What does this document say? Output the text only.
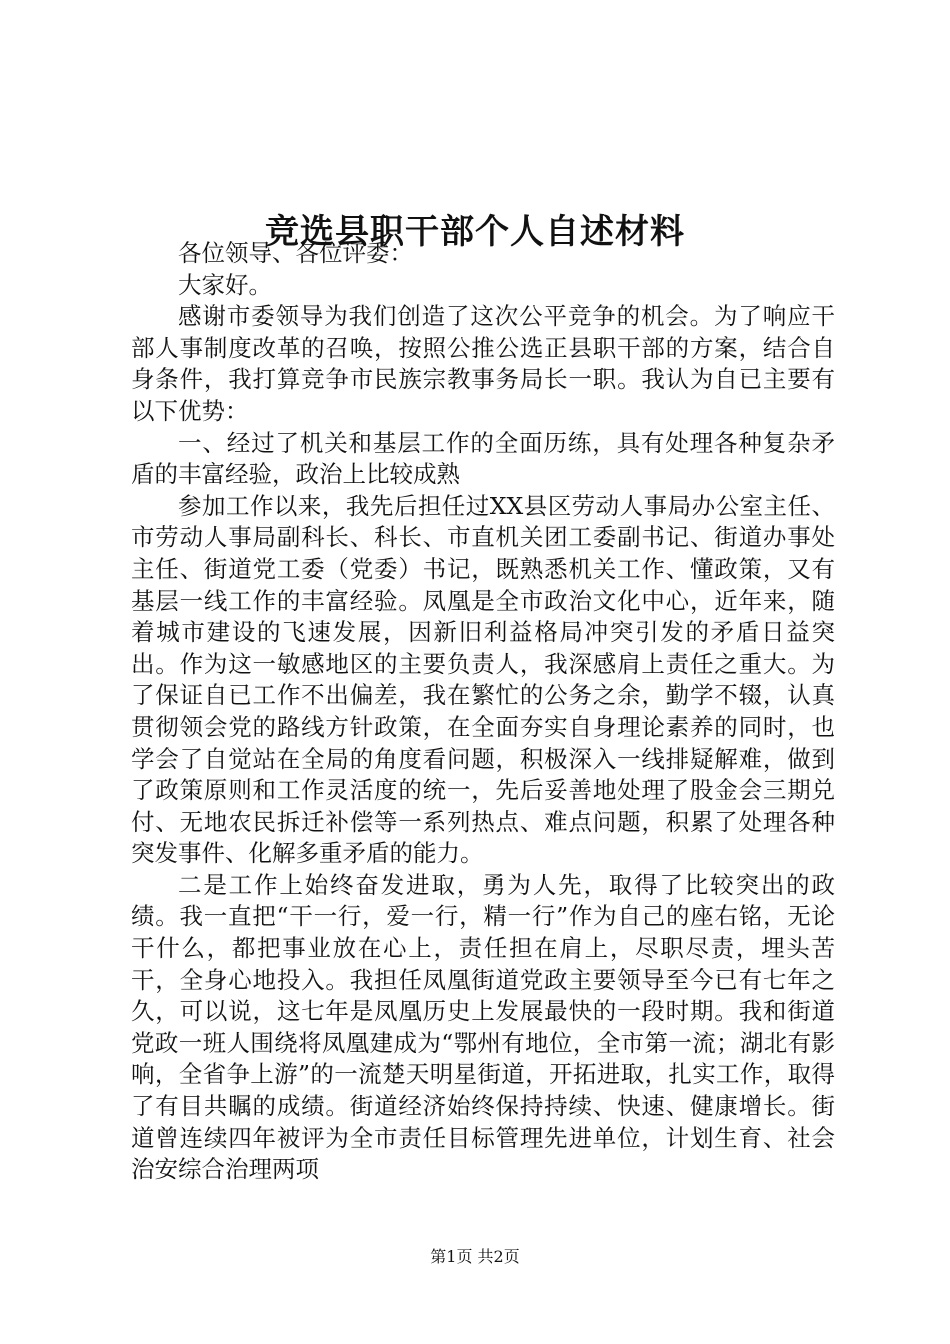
竞选县职干部个人自述材料

各位领导、各位评委：

大家好。

感谢市委领导为我们创造了这次公平竞争的机会。为了响应干部人事制度改革的召唤，按照公推公选正县职干部的方案，结合自身条件，我打算竞争市民族宗教事务局长一职。我认为自已主要有以下优势：

一、经过了机关和基层工作的全面历练，具有处理各种复杂矛盾的丰富经验，政治上比较成熟

参加工作以来，我先后担任过XX县区劳动人事局办公室主任、市劳动人事局副科长、科长、市直机关团工委副书记、街道办事处主任、街道党工委（党委）书记，既熟悉机关工作、懂政策，又有基层一线工作的丰富经验。凤凰是全市政治文化中心，近年来，随着城市建设的飞速发展，因新旧利益格局冲突引发的矛盾日益突出。作为这一敏感地区的主要负责人，我深感肩上责任之重大。为了保证自已工作不出偏差，我在繁忙的公务之余，勤学不辍，认真贯彻领会党的路线方针政策，在全面夯实自身理论素养的同时，也学会了自觉站在全局的角度看问题，积极深入一线排疑解难，做到了政策原则和工作灵活度的统一，先后妥善地处理了股金会三期兑付、无地农民拆迁补偿等一系列热点、难点问题，积累了处理各种突发事件、化解多重矛盾的能力。

二是工作上始终奋发进取，勇为人先，取得了比较突出的政绩。我一直把“干一行，爱一行，精一行”作为自己的座右铭，无论干什么，都把事业放在心上，责任担在肩上，尽职尽责，埋头苦干，全身心地投入。我担任凤凰街道党政主要领导至今已有七年之久，可以说，这七年是凤凰历史上发展最快的一段时期。我和街道党政一班人围绕将凤凰建成为“鄂州有地位，全市第一流；湖北有影响，全省争上游”的一流楚天明星街道，开拓进取，扎实工作，取得了有目共瞩的成绩。街道经济始终保持持续、快速、健康增长。街道曾连续四年被评为全市责任目标管理先进单位，计划生育、社会治安综合治理两项

第1页 共2页
